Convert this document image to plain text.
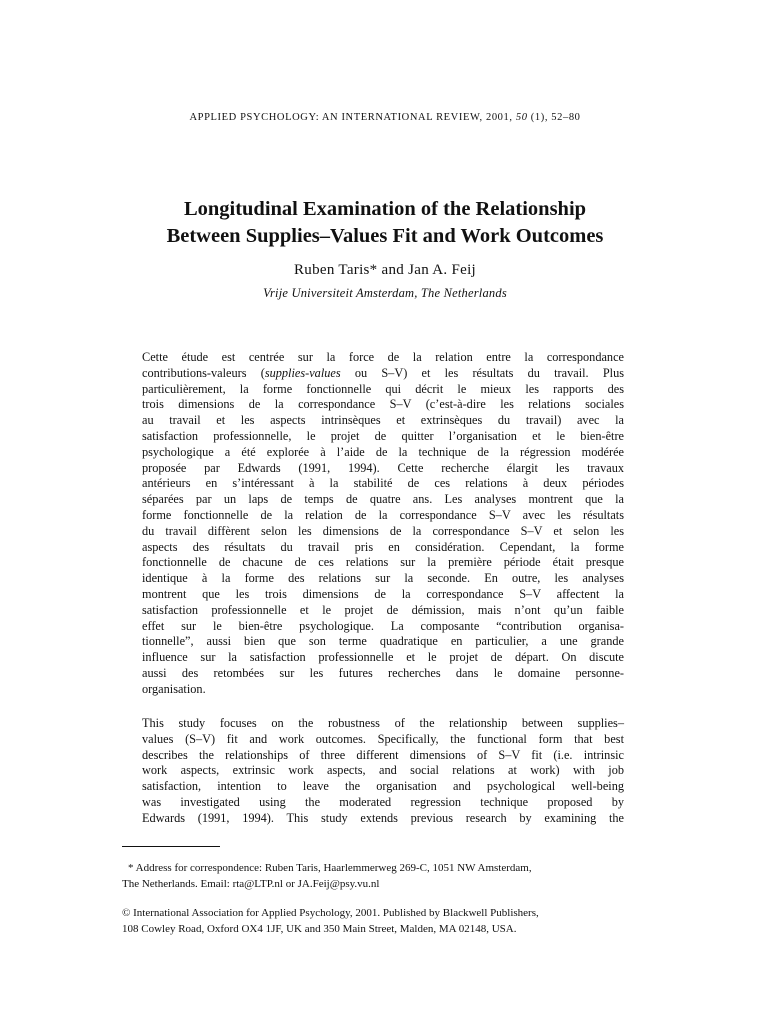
APPLIED PSYCHOLOGY: AN INTERNATIONAL REVIEW, 2001, 50 (1), 52–80
Longitudinal Examination of the Relationship
Between Supplies–Values Fit and Work Outcomes
Ruben Taris* and Jan A. Feij
Vrije Universiteit Amsterdam, The Netherlands
Cette étude est centrée sur la force de la relation entre la correspondance
contributions-valeurs (supplies-values ou S–V) et les résultats du travail. Plus
particulièrement, la forme fonctionnelle qui décrit le mieux les rapports des
trois dimensions de la correspondance S–V (c’est-à-dire les relations sociales
au travail et les aspects intrinsèques et extrinsèques du travail) avec la
satisfaction professionnelle, le projet de quitter l’organisation et le bien-être
psychologique a été explorée à l’aide de la technique de la régression modérée
proposée par Edwards (1991, 1994). Cette recherche élargit les travaux
antérieurs en s’intéressant à la stabilité de ces relations à deux périodes
séparées par un laps de temps de quatre ans. Les analyses montrent que la
forme fonctionnelle de la relation de la correspondance S–V avec les résultats
du travail diffèrent selon les dimensions de la correspondance S–V et selon les
aspects des résultats du travail pris en considération. Cependant, la forme
fonctionnelle de chacune de ces relations sur la première période était presque
identique à la forme des relations sur la seconde. En outre, les analyses
montrent que les trois dimensions de la correspondance S–V affectent la
satisfaction professionnelle et le projet de démission, mais n’ont qu’un faible
effet sur le bien-être psychologique. La composante “contribution organisa-
tionnelle”, aussi bien que son terme quadratique en particulier, a une grande
influence sur la satisfaction professionnelle et le projet de départ. On discute
aussi des retombées sur les futures recherches dans le domaine personne-
organisation.
This study focuses on the robustness of the relationship between supplies–
values (S–V) fit and work outcomes. Specifically, the functional form that best
describes the relationships of three different dimensions of S–V fit (i.e. intrinsic
work aspects, extrinsic work aspects, and social relations at work) with job
satisfaction, intention to leave the organisation and psychological well-being
was investigated using the moderated regression technique proposed by
Edwards (1991, 1994). This study extends previous research by examining the
* Address for correspondence: Ruben Taris, Haarlemmerweg 269-C, 1051 NW Amsterdam,
The Netherlands. Email: rta@LTP.nl or JA.Feij@psy.vu.nl
© International Association for Applied Psychology, 2001. Published by Blackwell Publishers,
108 Cowley Road, Oxford OX4 1JF, UK and 350 Main Street, Malden, MA 02148, USA.
